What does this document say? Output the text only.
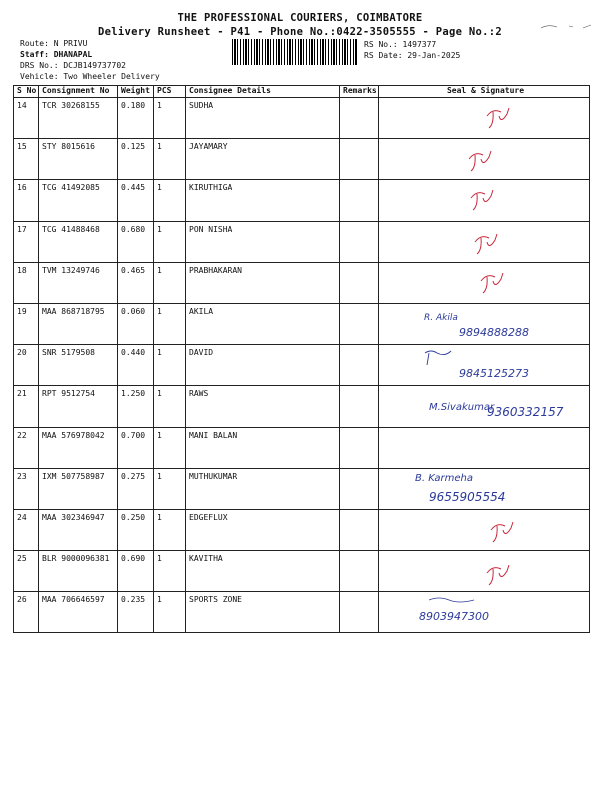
THE PROFESSIONAL COURIERS, COIMBATORE
Delivery Runsheet - P41 - Phone No.:0422-3505555 - Page No.:2
Route: N PRIVU
Staff: DHANAPAL
DRS No.: DCJB149737702
Vehicle: Two Wheeler Delivery
RS No.: 1497377
RS Date: 29-Jan-2025
S No	Consignment No	Weight	PCS	Consignee Details	Remarks	Seal & Signature
14	TCR 30268155	0.180	1	SUDHA		

15	STY 8015616	0.125	1	JAYAMARY		

16	TCG 41492085	0.445	1	KIRUTHIGA		

17	TCG 41488468	0.680	1	PON NISHA		

18	TVM 13249746	0.465	1	PRABHAKARAN		

19	MAA 868718795	0.060	1	AKILA		R. Akila
9894888288

20	SNR 5179508	0.440	1	DAVID		9845125273

21	RPT 9512754	1.250	1	RAWS		M.Sivakumar
9360332157

22	MAA 576978042	0.700	1	MANI BALAN		

23	IXM 507758987	0.275	1	MUTHUKUMAR		B. Karmeha
9655905554

24	MAA 302346947	0.250	1	EDGEFLUX		

25	BLR 9000096381	0.690	1	KAVITHA		

26	MAA 706646597	0.235	1	SPORTS ZONE		8903947300
